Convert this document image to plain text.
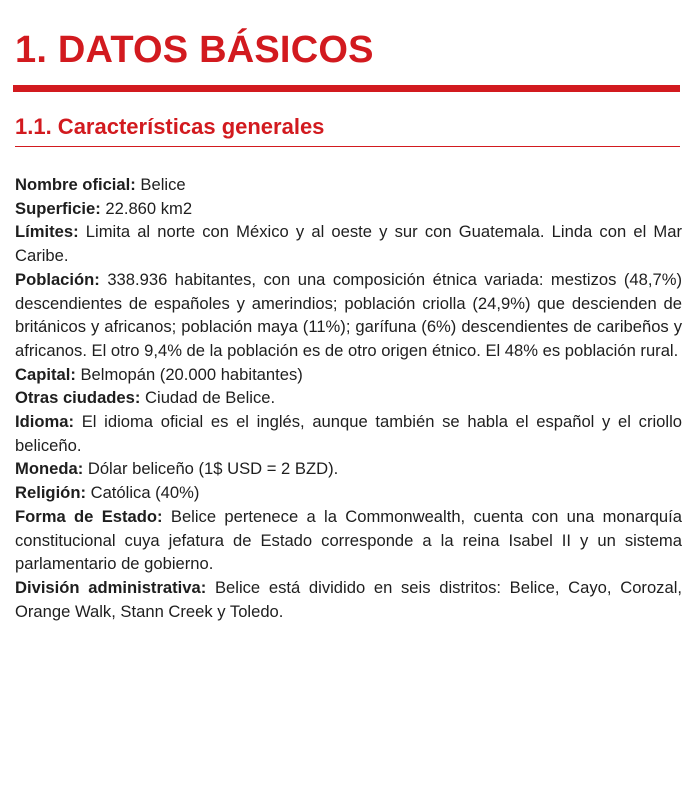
1. DATOS BÁSICOS
1.1. Características generales

Nombre oficial: Belice

Superficie: 22.860 km2

Límites: Limita al norte con México y al oeste y sur con Guatemala. Linda con el Mar Caribe.

Población: 338.936 habitantes, con una composición étnica variada: mestizos (48,7%) descendientes de españoles y amerindios; población criolla (24,9%) que descienden de británicos y africanos; población maya (11%); garífuna (6%) descendientes de caribeños y africanos. El otro 9,4% de la población es de otro origen étnico. El 48% es población rural.

Capital: Belmopán (20.000 habitantes)

Otras ciudades: Ciudad de Belice.

Idioma: El idioma oficial es el inglés, aunque también se habla el español y el criollo beliceño.

Moneda: Dólar beliceño (1$ USD = 2 BZD).

Religión: Católica (40%)

Forma de Estado: Belice pertenece a la Commonwealth, cuenta con una monarquía constitucional cuya jefatura de Estado corresponde a la reina Isabel II y un sistema parlamentario de gobierno.

División administrativa: Belice está dividido en seis distritos: Belice, Cayo, Corozal, Orange Walk, Stann Creek y Toledo.
